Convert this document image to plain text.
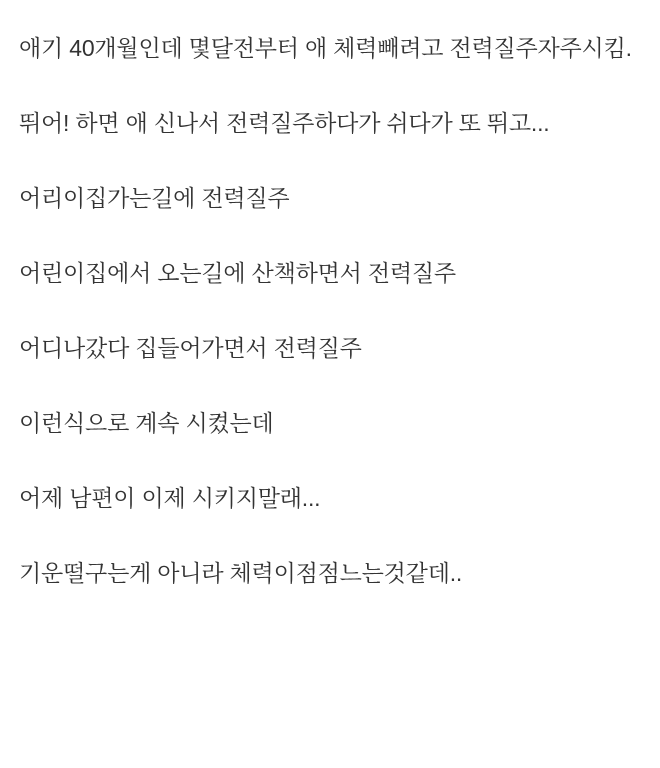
애기 40개월인데 몇달전부터 애 체력빼려고 전력질주자주시킴.

뛰어! 하면 애 신나서 전력질주하다가 쉬다가 또 뛰고...

어리이집가는길에 전력질주

어린이집에서 오는길에 산책하면서 전력질주

어디나갔다 집들어가면서 전력질주

이런식으로 계속 시켰는데

어제 남편이 이제 시키지말래...

기운떨구는게 아니라 체력이점점느는것같데..
